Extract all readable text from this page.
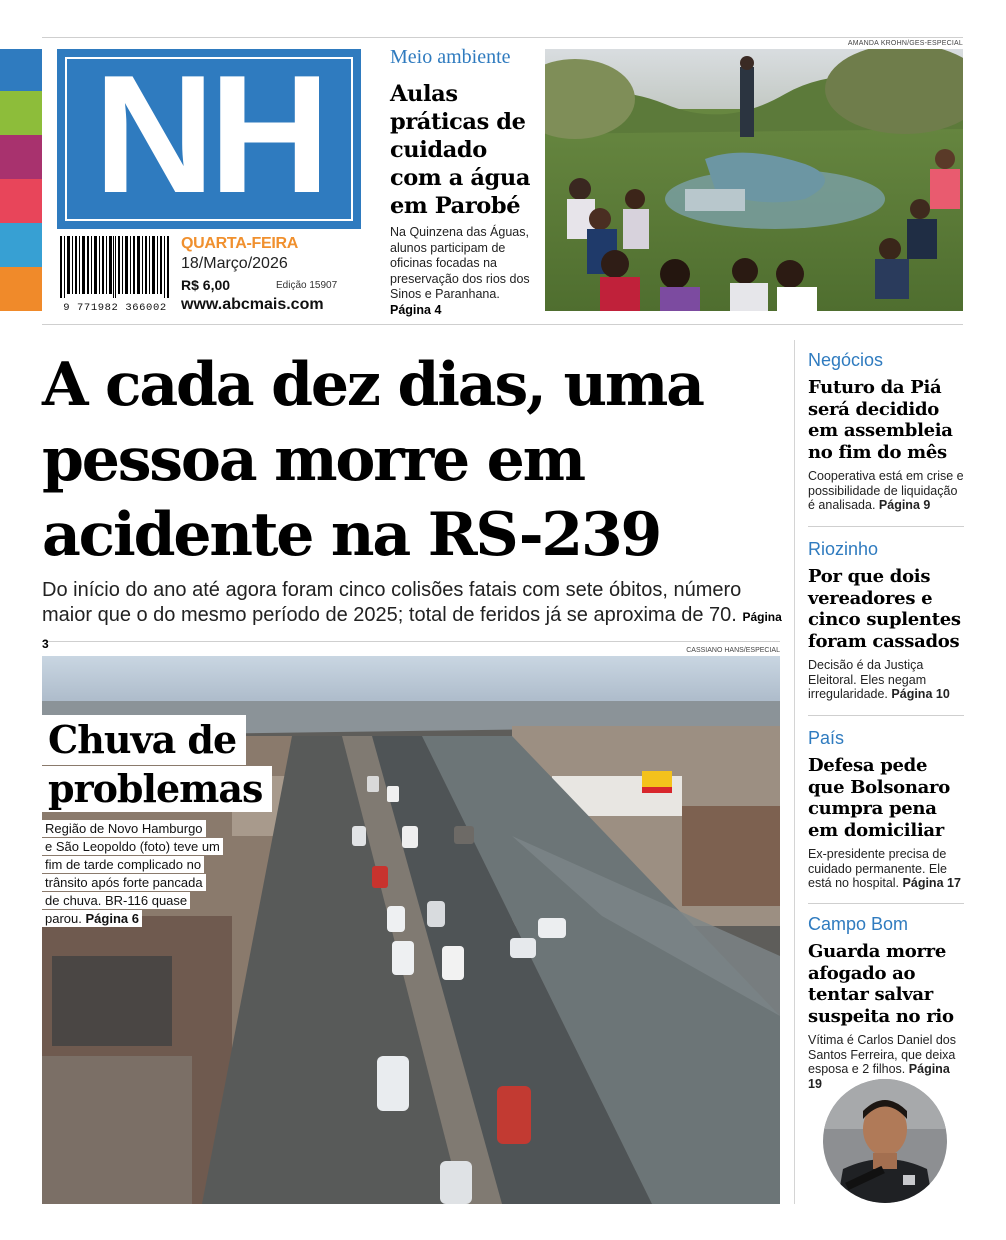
NH
9 771982 366002
QUARTA-FEIRA
18/Março/2026
R$ 6,00	Edição 15907
www.abcmais.com
Meio ambiente
Aulas práticas de cuidado com a água em Parobé
Na Quinzena das Águas, alunos participam de oficinas focadas na preservação dos rios dos Sinos e Paranhana. Página 4
AMANDA KROHN/GES-ESPECIAL
A cada dez dias, uma pessoa morre em acidente na RS-239
Do início do ano até agora foram cinco colisões fatais com sete óbitos, número maior que o do mesmo período de 2025; total de feridos já se aproxima de 70. Página 3	CASSIANO HANS/ESPECIAL
Chuva de
problemas
Região de Novo Hamburgo
e São Leopoldo (foto) teve um
fim de tarde complicado no
trânsito após forte pancada
de chuva. BR-116 quase
parou. Página 6
Negócios
Futuro da Piá será decidido em assembleia no fim do mês
Cooperativa está em crise e possibilidade de liquidação é analisada. Página 9
Riozinho
Por que dois vereadores e cinco suplentes foram cassados
Decisão é da Justiça Eleitoral. Eles negam irregularidade. Página 10
País
Defesa pede que Bolsonaro cumpra pena em domiciliar
Ex-presidente precisa de cuidado permanente. Ele está no hospital. Página 17
Campo Bom
Guarda morre afogado ao tentar salvar suspeita no rio
Vítima é Carlos Daniel dos Santos Ferreira, que deixa esposa e 2 filhos. Página 19
